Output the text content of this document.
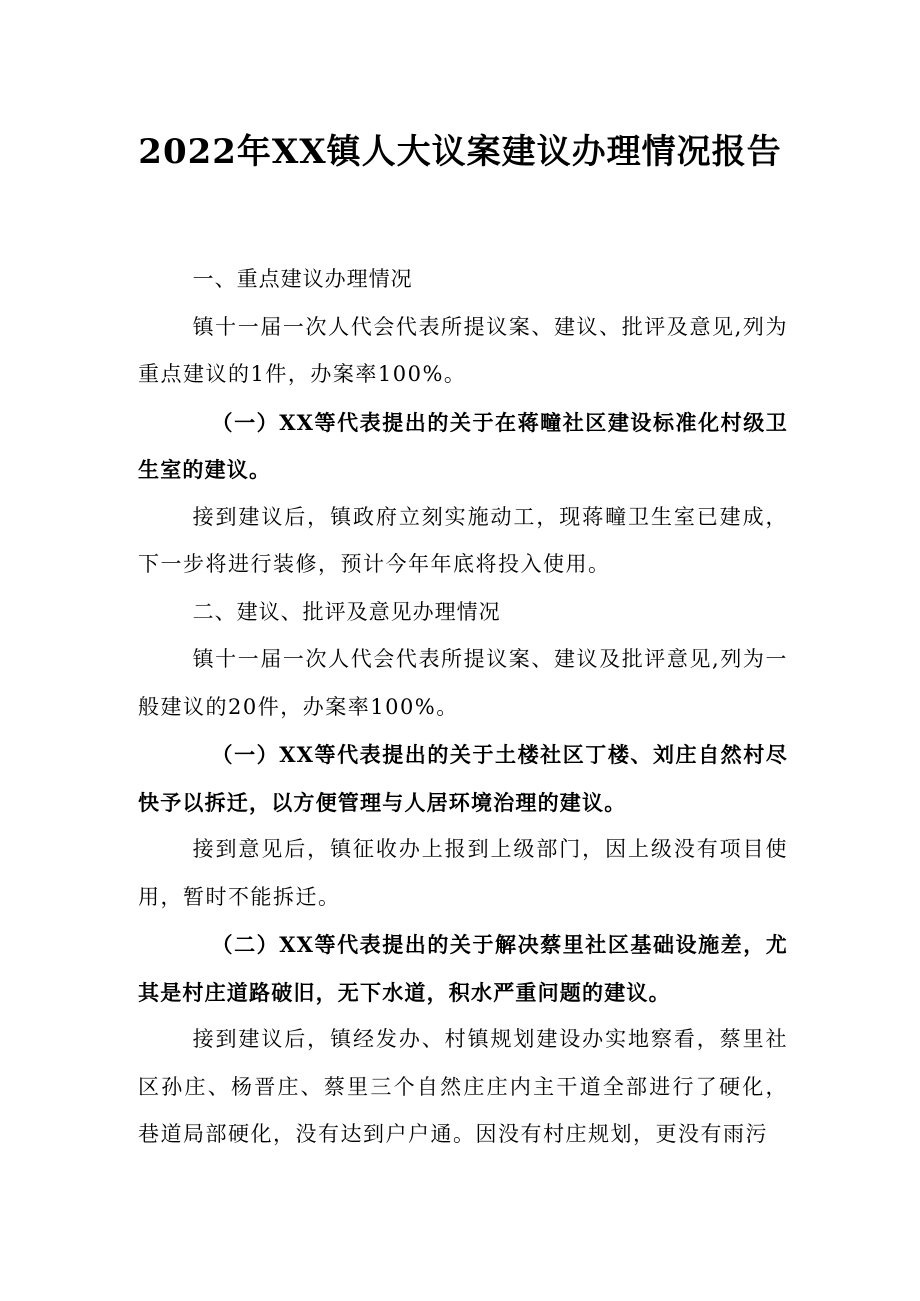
2022年XX镇人大议案建议办理情况报告

一、重点建议办理情况

镇十一届一次人代会代表所提议案、建议、批评及意见,列为重点建议的1件，办案率100%。

（一）XX等代表提出的关于在蒋疃社区建设标准化村级卫生室的建议。

接到建议后，镇政府立刻实施动工，现蒋疃卫生室已建成，下一步将进行装修，预计今年年底将投入使用。

二、建议、批评及意见办理情况

镇十一届一次人代会代表所提议案、建议及批评意见,列为一般建议的20件，办案率100%。

（一）XX等代表提出的关于土楼社区丁楼、刘庄自然村尽快予以拆迁，以方便管理与人居环境治理的建议。

接到意见后，镇征收办上报到上级部门，因上级没有项目使用，暂时不能拆迁。

（二）XX等代表提出的关于解决蔡里社区基础设施差，尤其是村庄道路破旧，无下水道，积水严重问题的建议。

接到建议后，镇经发办、村镇规划建设办实地察看，蔡里社区孙庄、杨晋庄、蔡里三个自然庄庄内主干道全部进行了硬化，巷道局部硬化，没有达到户户通。因没有村庄规划，更没有雨污
